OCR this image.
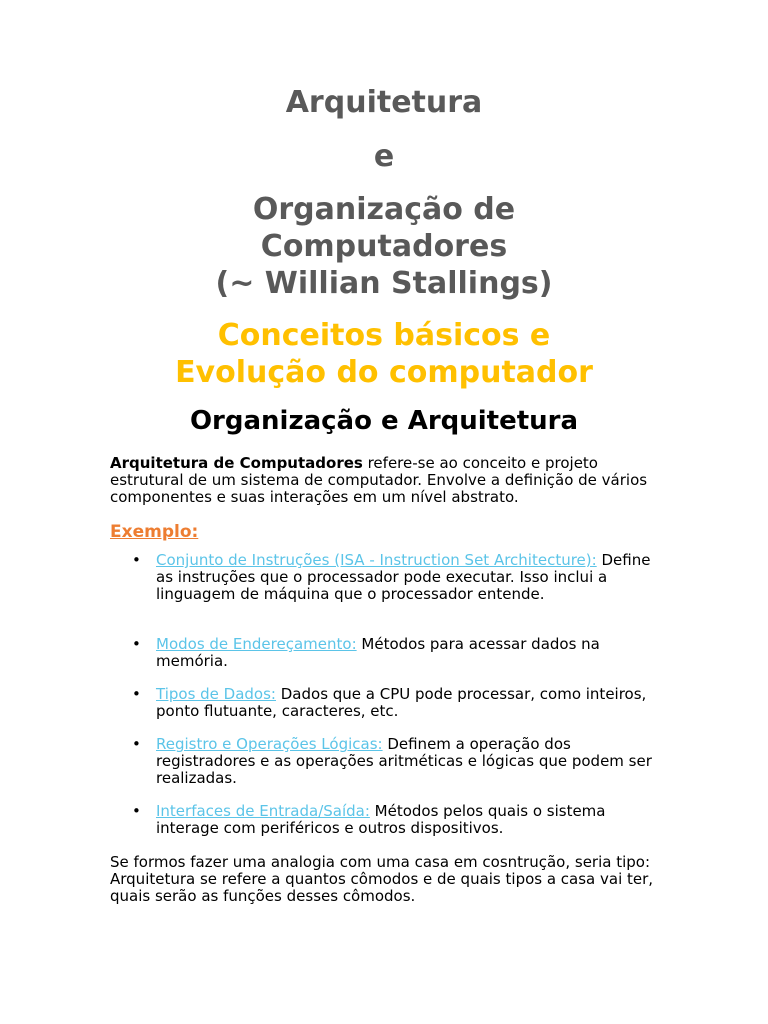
Arquitetura
e
Organização de
Computadores
(~ Willian Stallings)
Conceitos básicos e
Evolução do computador
Organização e Arquitetura
Arquitetura de Computadores refere-se ao conceito e projeto estrutural de um sistema de computador. Envolve a definição de vários componentes e suas interações em um nível abstrato.
Exemplo:
• Conjunto de Instruções (ISA - Instruction Set Architecture): Define as instruções que o processador pode executar. Isso inclui a linguagem de máquina que o processador entende.
• Modos de Endereçamento: Métodos para acessar dados na memória.
• Tipos de Dados: Dados que a CPU pode processar, como inteiros, ponto flutuante, caracteres, etc.
• Registro e Operações Lógicas: Definem a operação dos registradores e as operações aritméticas e lógicas que podem ser realizadas.
• Interfaces de Entrada/Saída: Métodos pelos quais o sistema interage com periféricos e outros dispositivos.
Se formos fazer uma analogia com uma casa em cosntrução, seria tipo:
Arquitetura se refere a quantos cômodos e de quais tipos a casa vai ter, quais serão as funções desses cômodos.
